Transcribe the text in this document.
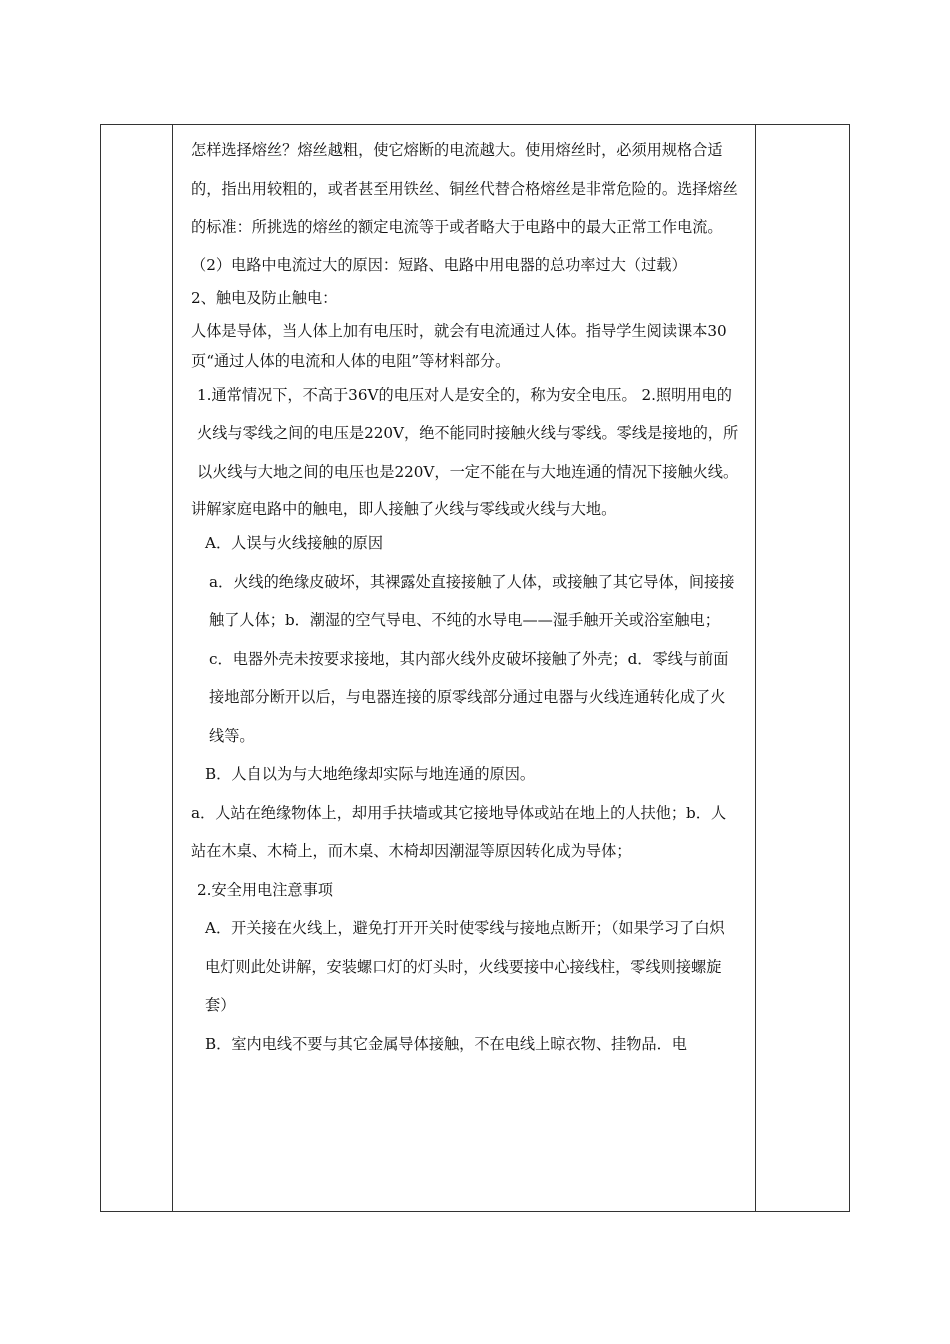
怎样选择熔丝？熔丝越粗，使它熔断的电流越大。使用熔丝时，必须用规格合适的，指出用较粗的，或者甚至用铁丝、铜丝代替合格熔丝是非常危险的。选择熔丝的标准：所挑选的熔丝的额定电流等于或者略大于电路中的最大正常工作电流。

（2）电路中电流过大的原因：短路、电路中用电器的总功率过大（过载）

2、触电及防止触电：

人体是导体，当人体上加有电压时，就会有电流通过人体。指导学生阅读课本30页“通过人体的电流和人体的电阻”等材料部分。

1.通常情况下，不高于36V的电压对人是安全的，称为安全电压。 2.照明用电的火线与零线之间的电压是220V，绝不能同时接触火线与零线。零线是接地的，所以火线与大地之间的电压也是220V，一定不能在与大地连通的情况下接触火线。

讲解家庭电路中的触电，即人接触了火线与零线或火线与大地。

A．人误与火线接触的原因

a．火线的绝缘皮破坏，其裸露处直接接触了人体，或接触了其它导体，间接接触了人体；b．潮湿的空气导电、不纯的水导电——湿手触开关或浴室触电；c．电器外壳未按要求接地，其内部火线外皮破坏接触了外壳；d．零线与前面接地部分断开以后，与电器连接的原零线部分通过电器与火线连通转化成了火线等。

B．人自以为与大地绝缘却实际与地连通的原因。

a．人站在绝缘物体上，却用手扶墙或其它接地导体或站在地上的人扶他；b．人站在木桌、木椅上，而木桌、木椅却因潮湿等原因转化成为导体；

2.安全用电注意事项

A．开关接在火线上，避免打开开关时使零线与接地点断开；（如果学习了白炽电灯则此处讲解，安装螺口灯的灯头时，火线要接中心接线柱，零线则接螺旋套）

B．室内电线不要与其它金属导体接触，不在电线上晾衣物、挂物品．电
